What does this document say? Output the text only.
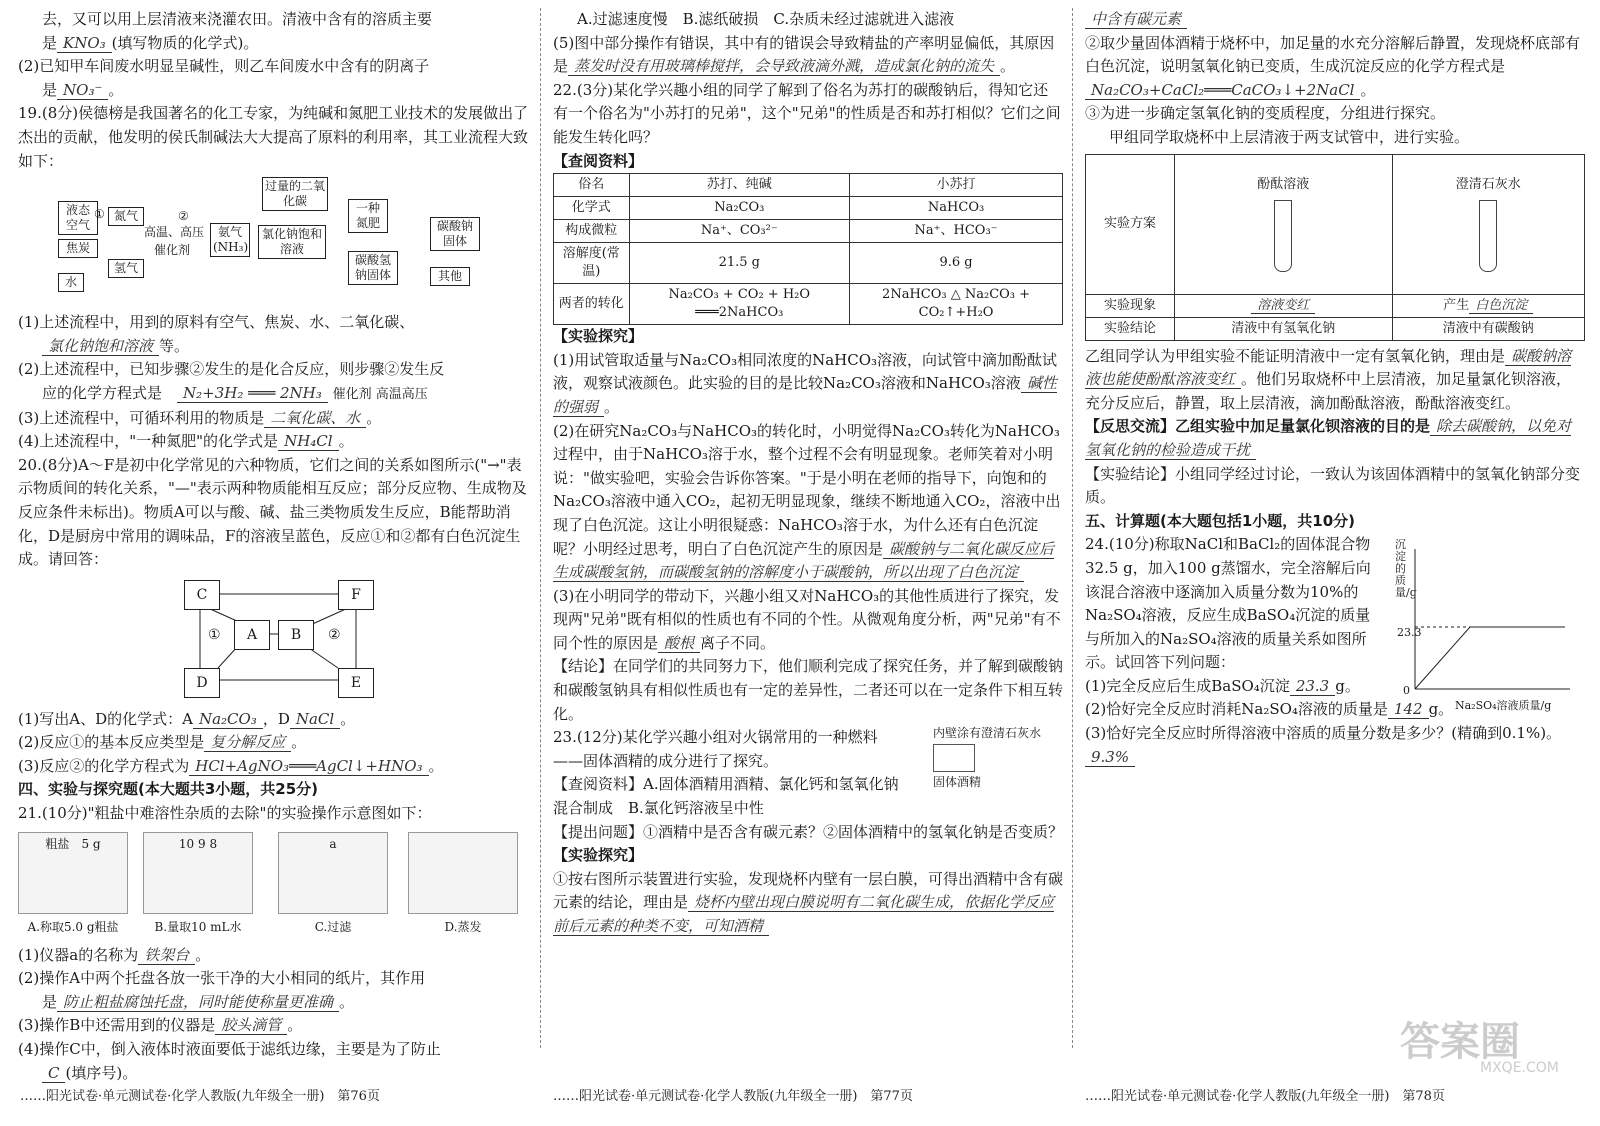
去，又可以用上层清液来浇灌农田。清液中含有的溶质主要
是 KNO₃ (填写物质的化学式)。
(2)已知甲车间废水明显呈碱性，则乙车间废水中含有的阴离子
是 NO₃⁻ 。
19.(8分)侯德榜是我国著名的化工专家，为纯碱和氮肥工业技术的发展做出了杰出的贡献，他发明的侯氏制碱法大大提高了原料的利用率，其工业流程大致如下：
液态空气
氮气
焦炭
水
氢气
①	②
高温、高压
催化剂
氨气(NH₃)
过量的二氧化碳
氯化钠饱和溶液
一种氮肥
碳酸氢钠固体
碳酸钠固体
其他
(1)上述流程中，用到的原料有空气、焦炭、水、二氧化碳、
氯化钠饱和溶液 等。
(2)上述流程中，已知步骤②发生的是化合反应，则步骤②发生反
应的化学方程式是　 N₂+3H₂ ═══ 2NH₃ 催化剂 高温高压
(3)上述流程中，可循环利用的物质是 二氧化碳、水 。
(4)上述流程中，"一种氮肥"的化学式是 NH₄Cl 。
20.(8分)A～F是初中化学常见的六种物质，它们之间的关系如图所示("→"表示物质间的转化关系，"—"表示两种物质能相互反应；部分反应物、生成物及反应条件未标出)。物质A可以与酸、碱、盐三类物质发生反应，B能帮助消化，D是厨房中常用的调味品，F的溶液呈蓝色，反应①和②都有白色沉淀生成。请回答：
C	F
A	B
D	E
①	②
(1)写出A、D的化学式：A Na₂CO₃ ，D NaCl 。
(2)反应①的基本反应类型是 复分解反应 。
(3)反应②的化学方程式为 HCl+AgNO₃═══AgCl↓+HNO₃ 。
四、实验与探究题(本大题共3小题，共25分)
21.(10分)"粗盐中难溶性杂质的去除"的实验操作示意图如下：
粗盐　 5 g
A.称取5.0 g粗盐
10 9 8
B.量取10 mL水
a
C.过滤	D.蒸发
(1)仪器a的名称为 铁架台 。
(2)操作A中两个托盘各放一张干净的大小相同的纸片，其作用
是 防止粗盐腐蚀托盘，同时能使称量更准确 。
(3)操作B中还需用到的仪器是 胶头滴管 。
(4)操作C中，倒入液体时液面要低于滤纸边缘，主要是为了防止
C (填序号)。
A.过滤速度慢　B.滤纸破损　C.杂质未经过滤就进入滤液
(5)图中部分操作有错误，其中有的错误会导致精盐的产率明显偏低，其原因是 蒸发时没有用玻璃棒搅拌，会导致液滴外溅，造成氯化钠的流失 。
22.(3分)某化学兴趣小组的同学了解到了俗名为苏打的碳酸钠后，得知它还有一个俗名为"小苏打的兄弟"，这个"兄弟"的性质是否和苏打相似？它们之间能发生转化吗？
【查阅资料】
俗名	苏打、纯碱	小苏打
化学式	Na₂CO₃	NaHCO₃
构成微粒	Na⁺、CO₃²⁻	Na⁺、HCO₃⁻
溶解度(常温)	21.5 g	9.6 g
两者的转化	Na₂CO₃ + CO₂ + H₂O ═══2NaHCO₃	2NaHCO₃ △ Na₂CO₃ + CO₂↑+H₂O
【实验探究】
(1)用试管取适量与Na₂CO₃相同浓度的NaHCO₃溶液，向试管中滴加酚酞试液，观察试液颜色。此实验的目的是比较Na₂CO₃溶液和NaHCO₃溶液 碱性的强弱 。
(2)在研究Na₂CO₃与NaHCO₃的转化时，小明觉得Na₂CO₃转化为NaHCO₃过程中，由于NaHCO₃溶于水，整个过程不会有明显现象。老师笑着对小明说："做实验吧，实验会告诉你答案。"于是小明在老师的指导下，向饱和的Na₂CO₃溶液中通入CO₂，起初无明显现象，继续不断地通入CO₂，溶液中出现了白色沉淀。这让小明很疑惑：NaHCO₃溶于水，为什么还有白色沉淀呢？小明经过思考，明白了白色沉淀产生的原因是 碳酸钠与二氧化碳反应后生成碳酸氢钠，而碳酸氢钠的溶解度小于碳酸钠，所以出现了白色沉淀
(3)在小明同学的带动下，兴趣小组又对NaHCO₃的其他性质进行了探究，发现两"兄弟"既有相似的性质也有不同的个性。从微观角度分析，两"兄弟"有不同个性的原因是 酸根 离子不同。
【结论】在同学们的共同努力下，他们顺利完成了探究任务，并了解到碳酸钠和碳酸氢钠具有相似性质也有一定的差异性，二者还可以在一定条件下相互转化。
23.(12分)某化学兴趣小组对火锅常用的一种燃料——固体酒精的成分进行了探究。
内壁涂有澄清石灰水
固体酒精
【查阅资料】A.固体酒精用酒精、氯化钙和氢氧化钠混合制成　B.氯化钙溶液呈中性
【提出问题】①酒精中是否含有碳元素？②固体酒精中的氢氧化钠是否变质？
【实验探究】
①按右图所示装置进行实验，发现烧杯内壁有一层白膜，可得出酒精中含有碳元素的结论，理由是 烧杯内壁出现白膜说明有二氧化碳生成，依据化学反应前后元素的种类不变，可知酒精
中含有碳元素
②取少量固体酒精于烧杯中，加足量的水充分溶解后静置，发现烧杯底部有白色沉淀，说明氢氧化钠已变质，生成沉淀反应的化学方程式是Na₂CO₃+CaCl₂═══CaCO₃↓+2NaCl 。
③为进一步确定氢氧化钠的变质程度，分组进行探究。
甲组同学取烧杯中上层清液于两支试管中，进行实验。
实验方案	酚酞溶液	澄清石灰水

实验现象	溶液变红	产生 白色沉淀
实验结论	清液中有氢氧化钠	清液中有碳酸钠
乙组同学认为甲组实验不能证明清液中一定有氢氧化钠，理由是 碳酸钠溶液也能使酚酞溶液变红 。他们另取烧杯中上层清液，加足量氯化钡溶液，充分反应后，静置，取上层清液，滴加酚酞溶液，酚酞溶液变红。
【反思交流】乙组实验中加足量氯化钡溶液的目的是 除去碳酸钠，以免对氢氧化钠的检验造成干扰
【实验结论】小组同学经过讨论，一致认为该固体酒精中的氢氧化钠部分变质。
五、计算题(本大题包括1小题，共10分)
24.(10分)称取NaCl和BaCl₂的固体混合物32.5 g，加入100 g蒸馏水，完全溶解后向该混合溶液中逐滴加入质量分数为10%的Na₂SO₄溶液，反应生成BaSO₄沉淀的质量与所加入的Na₂SO₄溶液的质量关系如图所示。试回答下列问题：
沉淀的质量/g
23.3
0
Na₂SO₄溶液质量/g
(1)完全反应后生成BaSO₄沉淀 23.3 g。
(2)恰好完全反应时消耗Na₂SO₄溶液的质量是 142 g。
(3)恰好完全反应时所得溶液中溶质的质量分数是多少？(精确到0.1%)。　9.3%
答案圈
MXQE.COM
……阳光试卷·单元测试卷·化学人教版(九年级全一册)　第76页	……阳光试卷·单元测试卷·化学人教版(九年级全一册)　第77页	……阳光试卷·单元测试卷·化学人教版(九年级全一册)　第78页
